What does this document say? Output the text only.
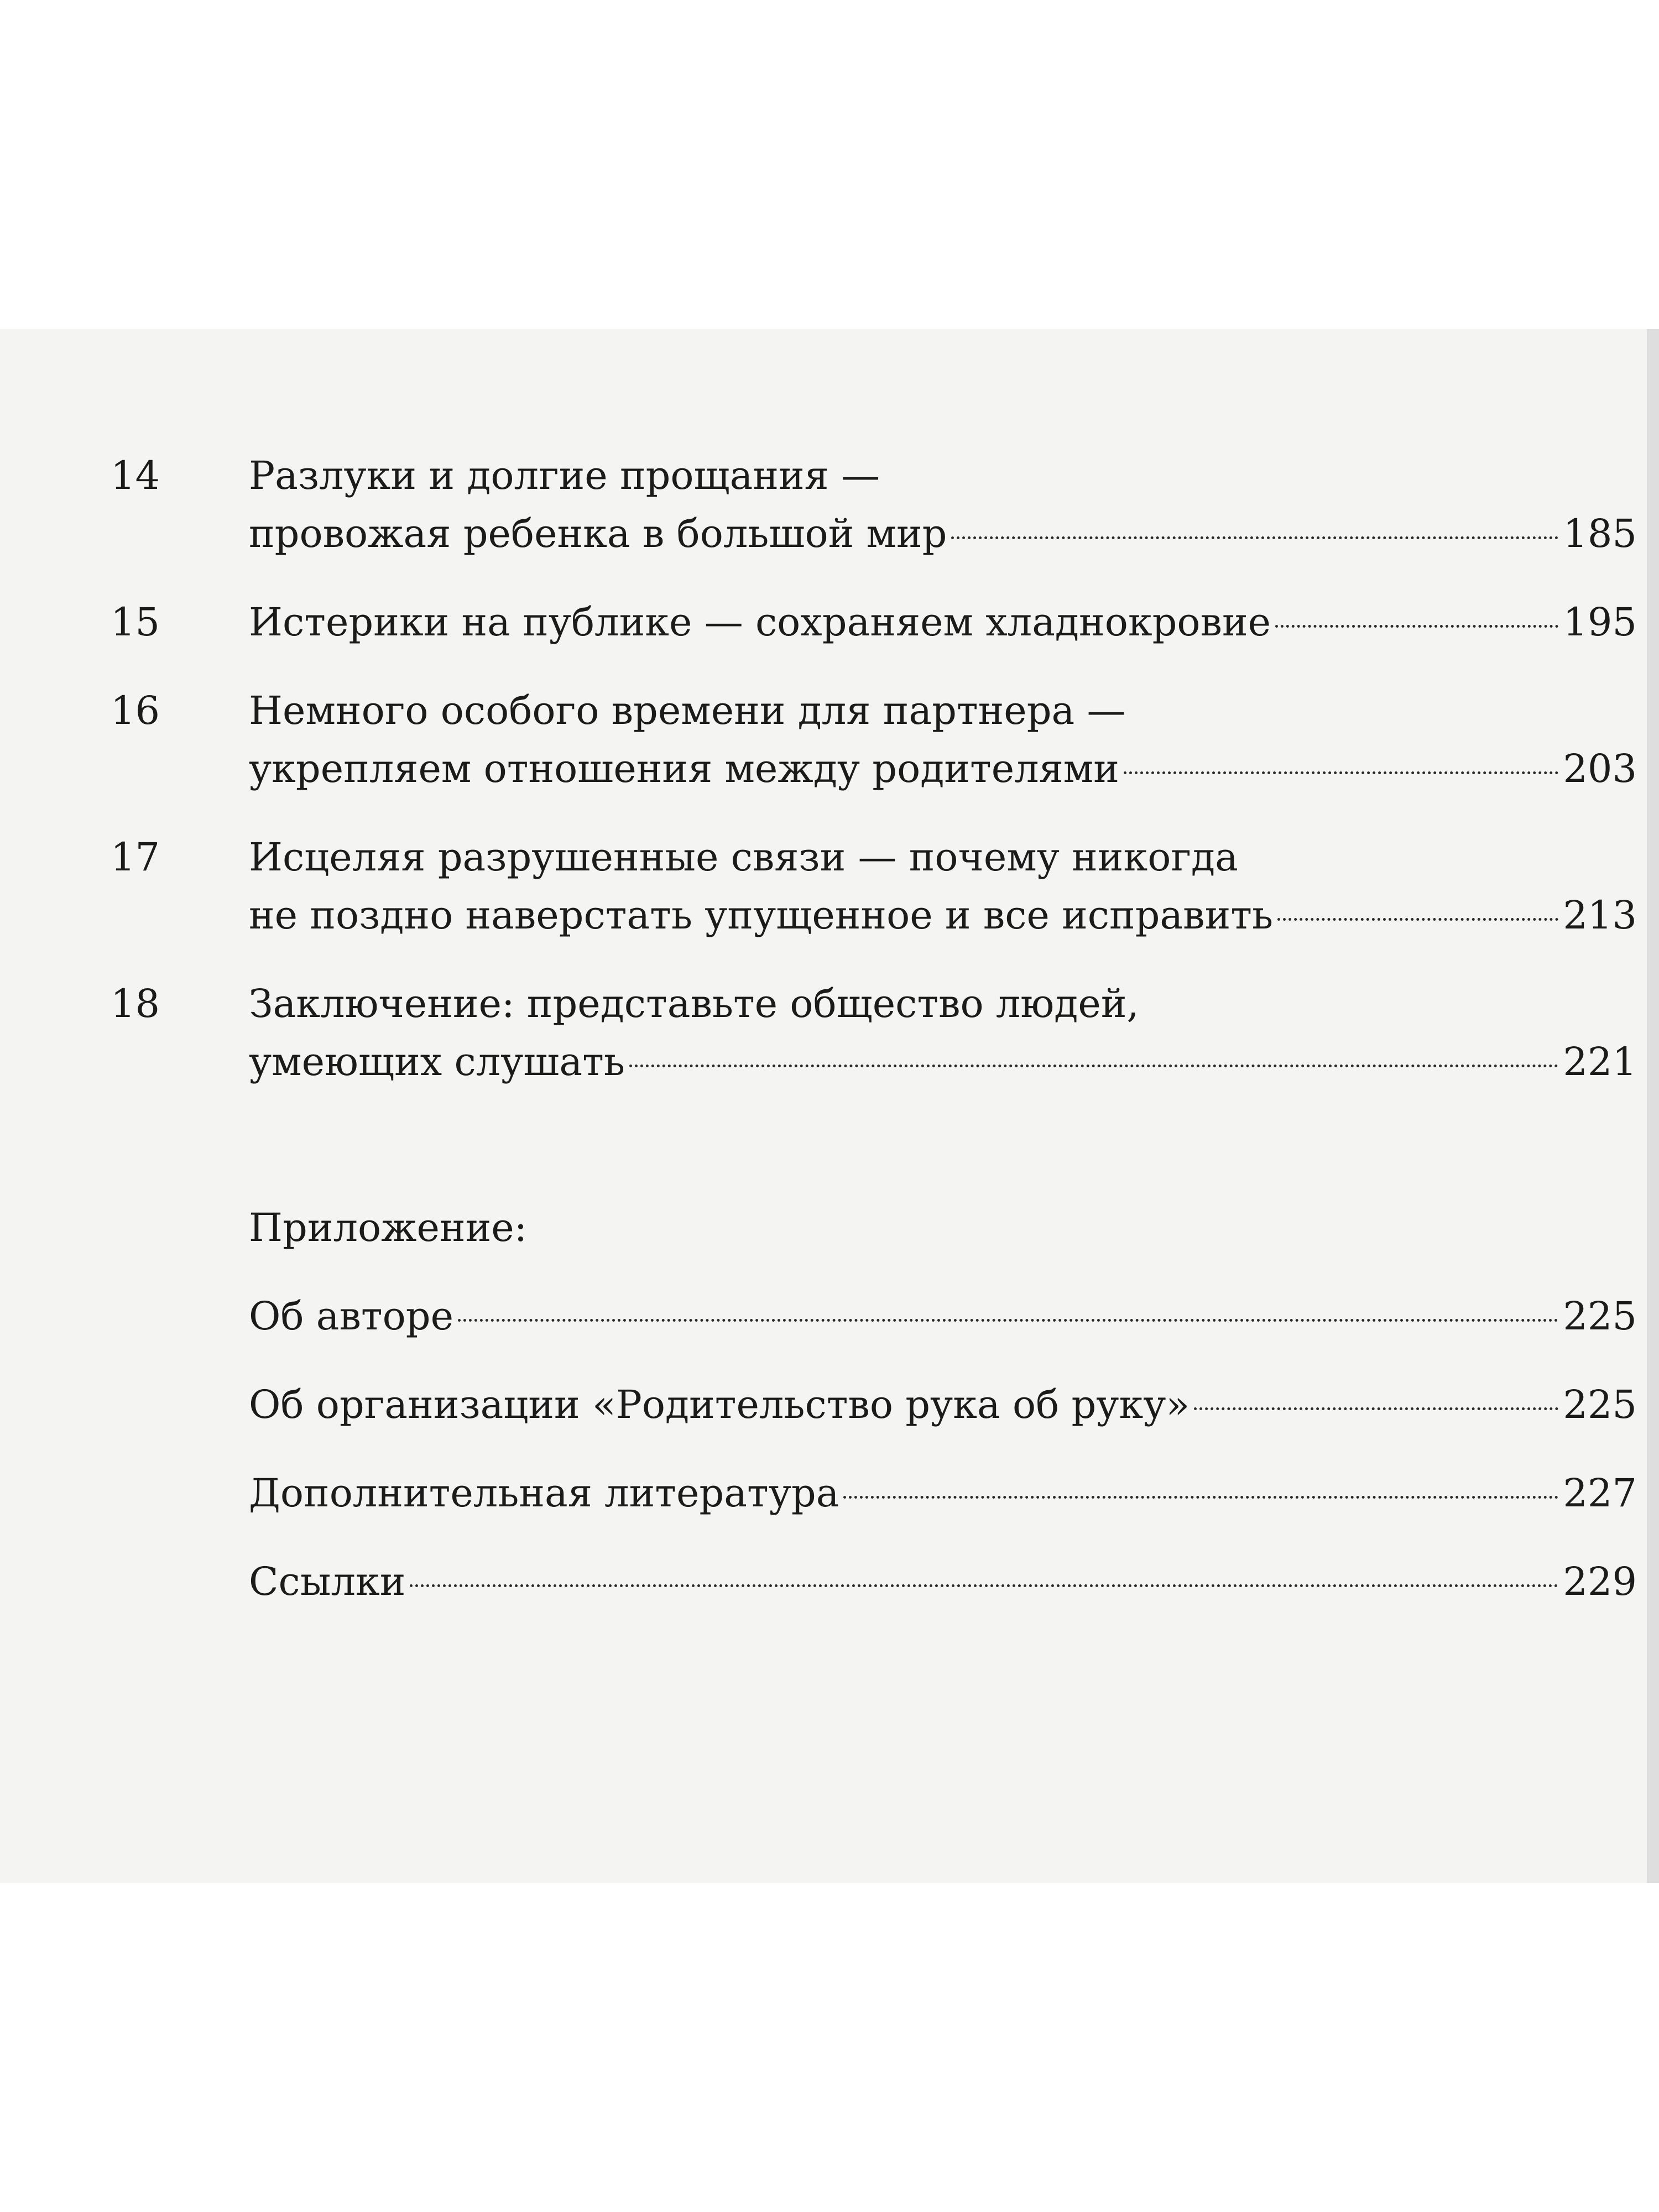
14	Разлуки и долгие прощания —
провожая ребенка в большой мир	185
15	Истерики на публике — сохраняем хладнокровие	195
16	Немного особого времени для партнера —
укрепляем отношения между родителями	203
17	Исцеляя разрушенные связи — почему никогда
не поздно наверстать упущенное и все исправить	213
18	Заключение: представьте общество людей,
умеющих слушать	221
Приложение:
Об авторе	225
Об организации «Родительство рука об руку»	225
Дополнительная литература	227
Ссылки	229
